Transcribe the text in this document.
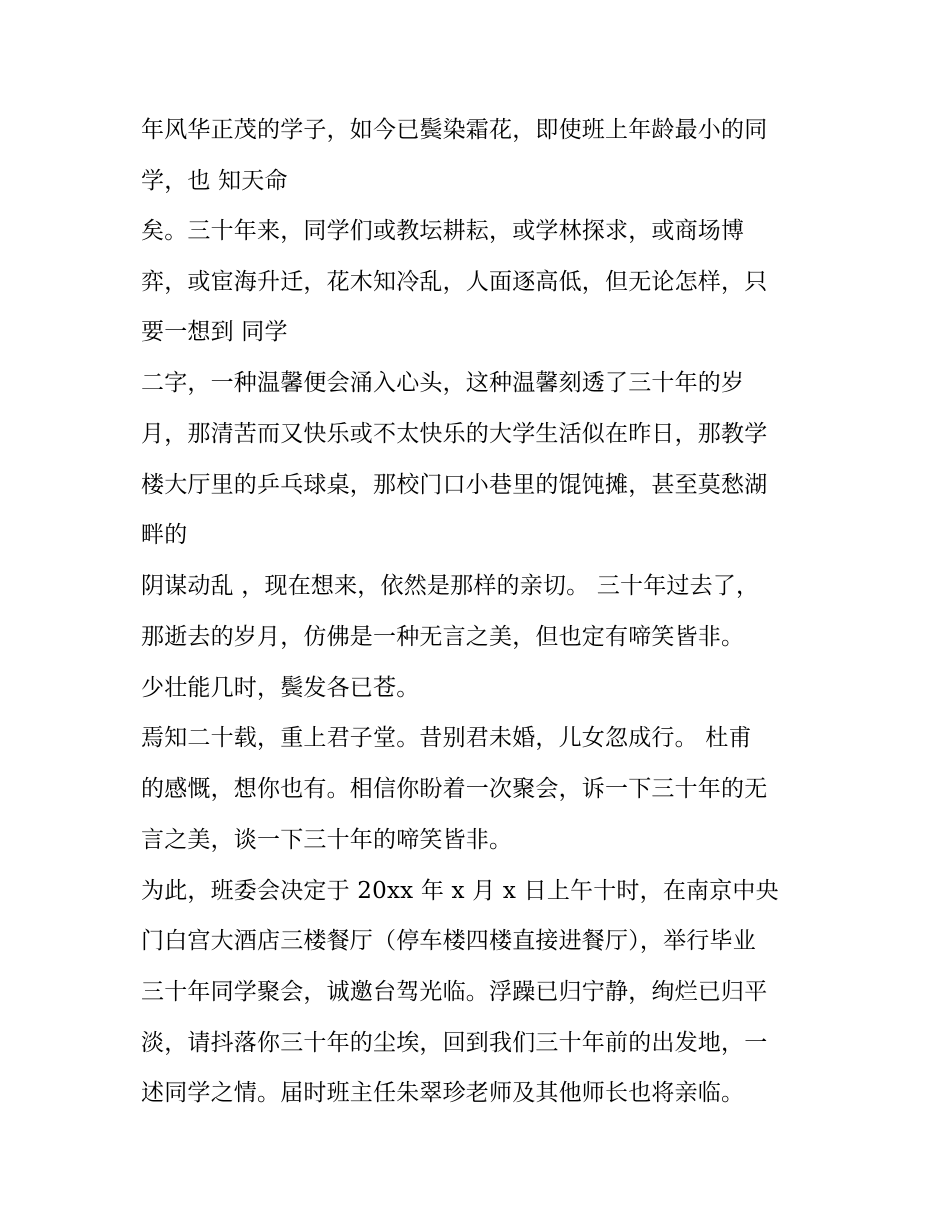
年风华正茂的学子，如今已鬓染霜花，即使班上年龄最小的同
学，也 知天命
矣。三十年来，同学们或教坛耕耘，或学林探求，或商场博
弈，或宦海升迁，花木知冷乱，人面逐高低，但无论怎样，只
要一想到 同学
二字，一种温馨便会涌入心头，这种温馨刻透了三十年的岁
月，那清苦而又快乐或不太快乐的大学生活似在昨日，那教学
楼大厅里的乒乓球桌，那校门口小巷里的馄饨摊，甚至莫愁湖
畔的
阴谋动乱 ，现在想来，依然是那样的亲切。 三十年过去了，
那逝去的岁月，仿佛是一种无言之美，但也定有啼笑皆非。
少壮能几时，鬓发各已苍。
焉知二十载，重上君子堂。昔别君未婚，儿女忽成行。 杜甫
的感慨，想你也有。相信你盼着一次聚会，诉一下三十年的无
言之美，谈一下三十年的啼笑皆非。
为此，班委会决定于 20xx 年 x 月 x 日上午十时，在南京中央
门白宫大酒店三楼餐厅（停车楼四楼直接进餐厅），举行毕业
三十年同学聚会，诚邀台驾光临。浮躁已归宁静，绚烂已归平
淡，请抖落你三十年的尘埃，回到我们三十年前的出发地，一
述同学之情。届时班主任朱翠珍老师及其他师长也将亲临。
